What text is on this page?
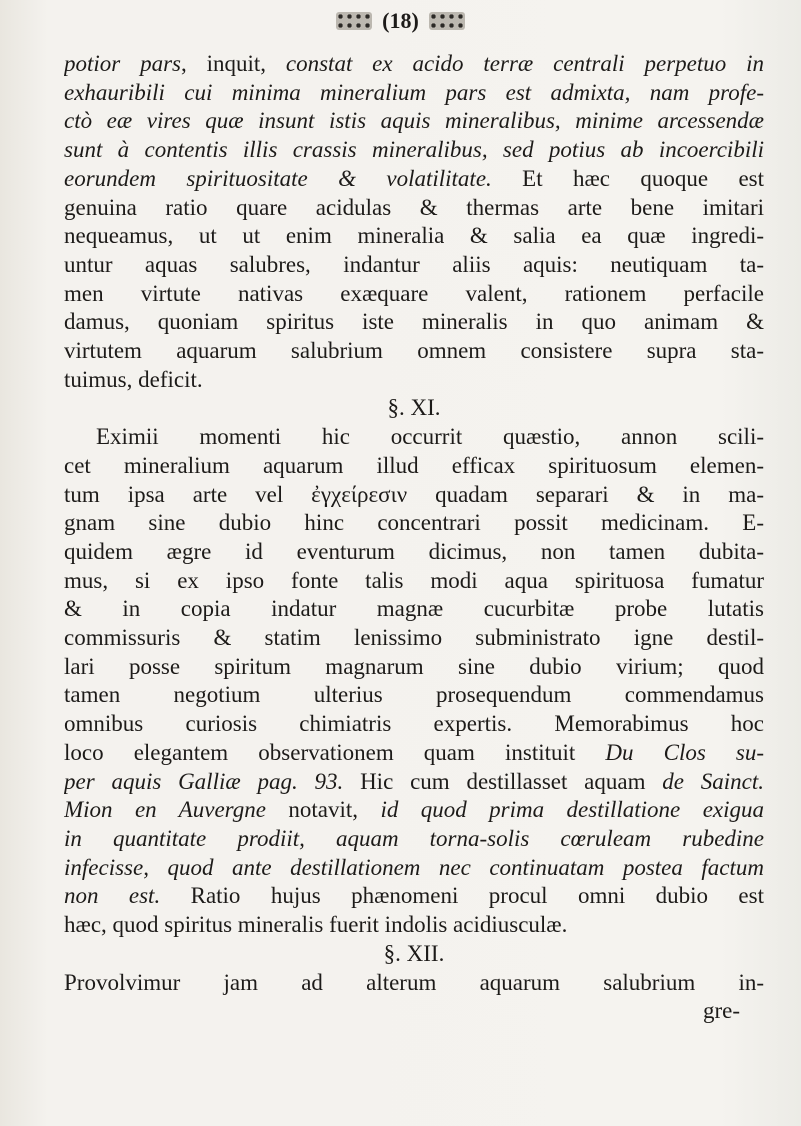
(18)
potior pars, inquit, constat ex acido terræ centrali perpetuo in
exhauribili cui minima mineralium pars est admixta, nam profe-
ctò eæ vires quæ insunt istis aquis mineralibus, minime arcessendæ
sunt à contentis illis crassis mineralibus, sed potius ab incoercibili
eorundem spirituositate & volatilitate. Et hæc quoque est
genuina ratio quare acidulas & thermas arte bene imitari
nequeamus, ut ut enim mineralia & salia ea quæ ingredi-
untur aquas salubres, indantur aliis aquis: neutiquam ta-
men virtute nativas exæquare valent, rationem perfacile
damus, quoniam spiritus iste mineralis in quo animam &
virtutem aquarum salubrium omnem consistere supra sta-
tuimus, deficit.
§. XI.
Eximii momenti hic occurrit quæstio, annon scili-
cet mineralium aquarum illud efficax spirituosum elemen-
tum ipsa arte vel ἐγχείρεσιν quadam separari & in ma-
gnam sine dubio hinc concentrari possit medicinam. E-
quidem ægre id eventurum dicimus, non tamen dubita-
mus, si ex ipso fonte talis modi aqua spirituosa fumatur
& in copia indatur magnæ cucurbitæ probe lutatis
commissuris & statim lenissimo subministrato igne destil-
lari posse spiritum magnarum sine dubio virium; quod
tamen negotium ulterius prosequendum commendamus
omnibus curiosis chimiatris expertis. Memorabimus hoc
loco elegantem observationem quam instituit Du Clos su-
per aquis Galliæ pag. 93. Hic cum destillasset aquam de Sainct.
Mion en Auvergne notavit, id quod prima destillatione exigua
in quantitate prodiit, aquam torna-solis cœruleam rubedine
infecisse, quod ante destillationem nec continuatam postea factum
non est. Ratio hujus phænomeni procul omni dubio est
hæc, quod spiritus mineralis fuerit indolis acidiusculæ.
§. XII.
Provolvimur jam ad alterum aquarum salubrium in-
gre-
